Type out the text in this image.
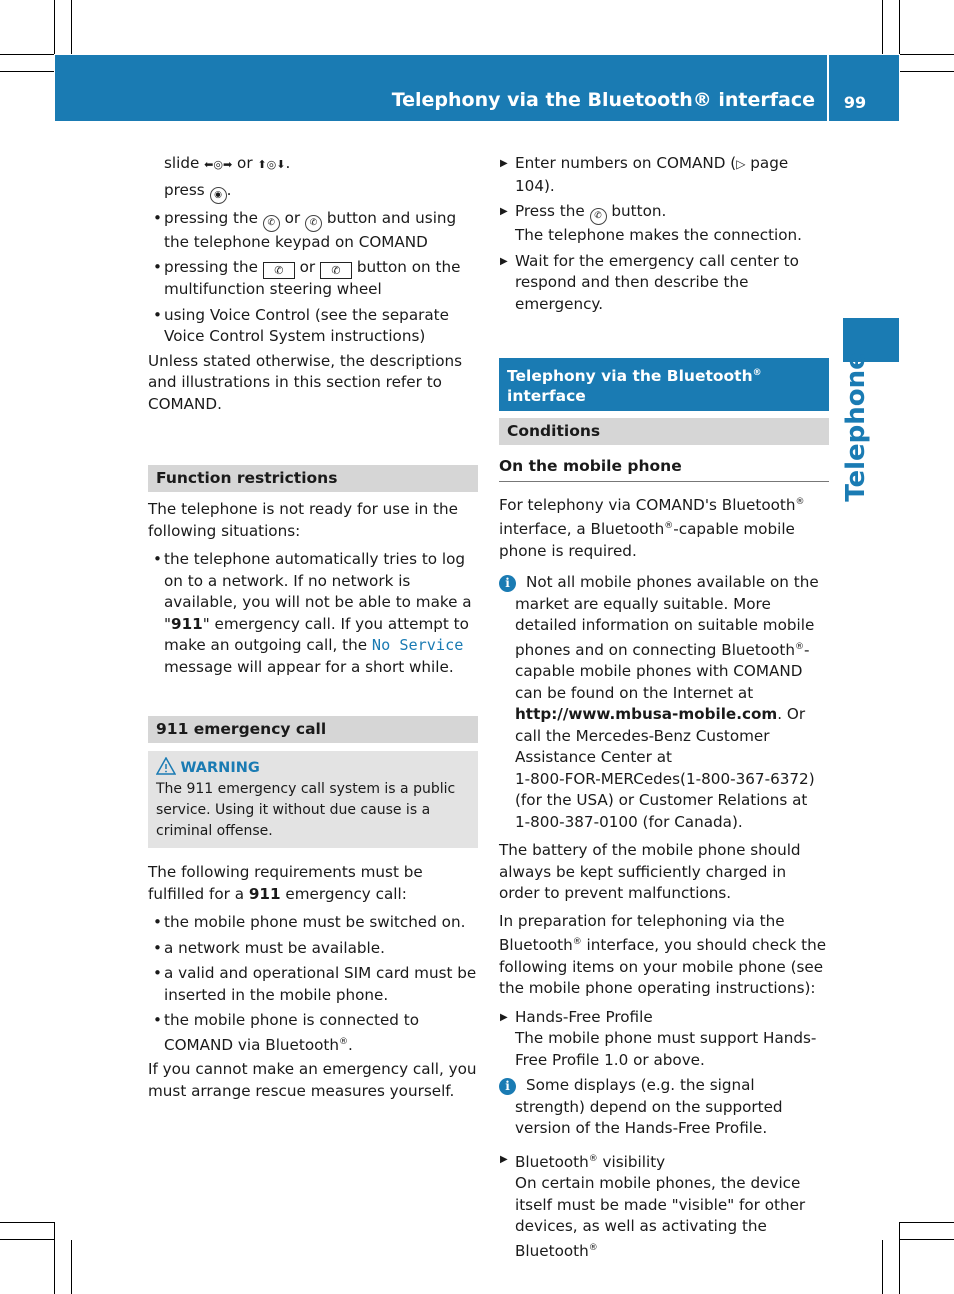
Telephony via the Bluetooth® interface	99
Telephone

slide ⬅◎➡ or ⬆◎⬇.

press ◉ .

• pressing the ✆ or ✆ button and using the telephone keypad on COMAND

• pressing the ✆ or ✆ button on the multifunction steering wheel

• using Voice Control (see the separate Voice Control System instructions)

Unless stated otherwise, the descriptions and illustrations in this section refer to COMAND.

Function restrictions

The telephone is not ready for use in the following situations:

• the telephone automatically tries to log on to a network. If no network is available, you will not be able to make a "911" emergency call. If you attempt to make an outgoing call, the No Service message will appear for a short while.

911 emergency call
WARNING
The 911 emergency call system is a public service. Using it without due cause is a criminal offense.

The following requirements must be fulfilled for a 911 emergency call:

• the mobile phone must be switched on.

• a network must be available.

• a valid and operational SIM card must be inserted in the mobile phone.

• the mobile phone is connected to COMAND via Bluetooth®.

If you cannot make an emergency call, you must arrange rescue measures yourself.

▶ Enter numbers on COMAND (▷ page 104).

▶ Press the ✆ button.

The telephone makes the connection.

▶ Wait for the emergency call center to respond and then describe the emergency.

Telephony via the Bluetooth®
interface
Conditions
On the mobile phone

For telephony via COMAND's Bluetooth® interface, a Bluetooth®-capable mobile phone is required.

i	Not all mobile phones available on the market are equally suitable. More detailed information on suitable mobile phones and on connecting Bluetooth®-capable mobile phones with COMAND can be found on the Internet at
http://www.mbusa-mobile.com. Or call the Mercedes-Benz Customer Assistance Center at
1-800-FOR-MERCedes(1-800-367-6372)
(for the USA) or Customer Relations at
1-800-387-0100 (for Canada).

The battery of the mobile phone should always be kept sufficiently charged in order to prevent malfunctions.

In preparation for telephoning via the Bluetooth® interface, you should check the following items on your mobile phone (see the mobile phone operating instructions):

▶ Hands-Free Profile

The mobile phone must support Hands-Free Profile 1.0 or above.

i	Some displays (e.g. the signal strength) depend on the supported version of the Hands-Free Profile.

▶ Bluetooth® visibility

On certain mobile phones, the device itself must be made "visible" for other devices, as well as activating the Bluetooth®
